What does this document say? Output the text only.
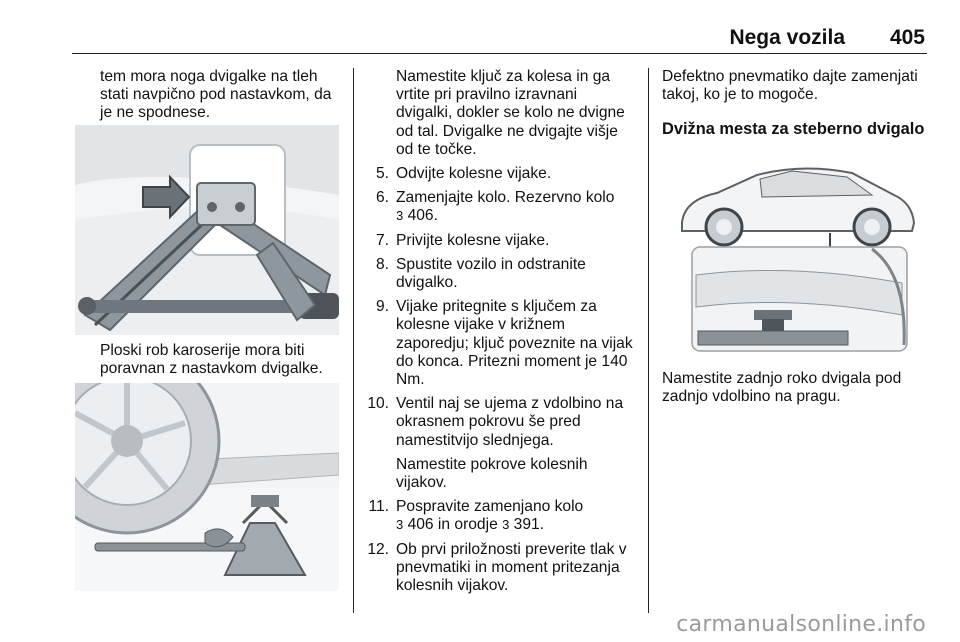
Nega vozila 405

tem mora noga dvigalke na tleh stati navpično pod nastavkom, da je ne spodnese.

Ploski rob karoserije mora biti poravnan z nastavkom dvigalke.

Namestite ključ za kolesa in ga vrtite pri pravilno izravnani dvigalki, dokler se kolo ne dvigne od tal. Dvigalke ne dvigajte višje od te točke.

5. Odvijte kolesne vijake.
6. Zamenjajte kolo. Rezervno kolo
3 406.
7. Privijte kolesne vijake.
8. Spustite vozilo in odstranite dvigalko.
9. Vijake pritegnite s ključem za kolesne vijake v križnem zaporedju; ključ poveznite na vijak do konca. Pritezni moment je 140 Nm.
10. Ventil naj se ujema z vdolbino na okrasnem pokrovu še pred namestitvijo slednjega.

Namestite pokrove kolesnih vijakov.

11. Pospravite zamenjano kolo
3 406 in orodje 3 391.
12. Ob prvi priložnosti preverite tlak v pnevmatiki in moment pritezanja kolesnih vijakov.

Defektno pnevmatiko dajte zamenjati takoj, ko je to mogoče.

Dvižna mesta za steberno dvigalo

Namestite zadnjo roko dvigala pod zadnjo vdolbino na pragu.

carmanualsonline.info
